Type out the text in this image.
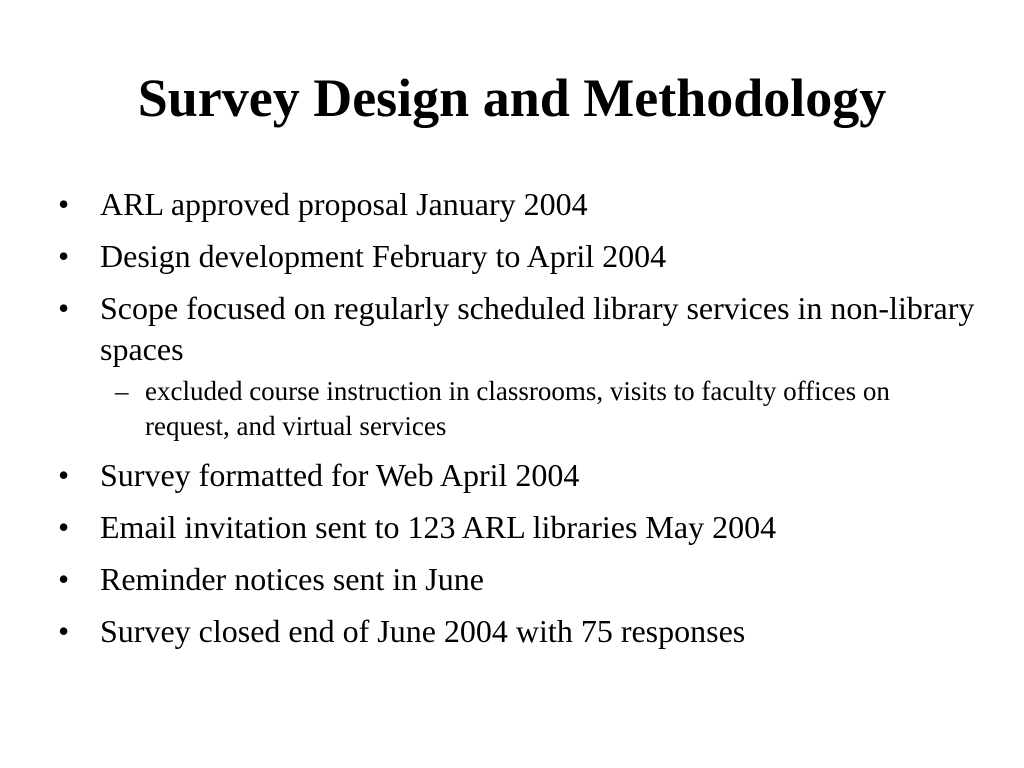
Survey Design and Methodology
• ARL approved proposal January 2004
• Design development February to April 2004
• Scope focused on regularly scheduled library services in non-library spaces
– excluded course instruction in classrooms, visits to faculty offices on request, and virtual services
• Survey formatted for Web April 2004
• Email invitation sent to 123 ARL libraries May 2004
• Reminder notices sent in June
• Survey closed end of June 2004 with 75 responses
